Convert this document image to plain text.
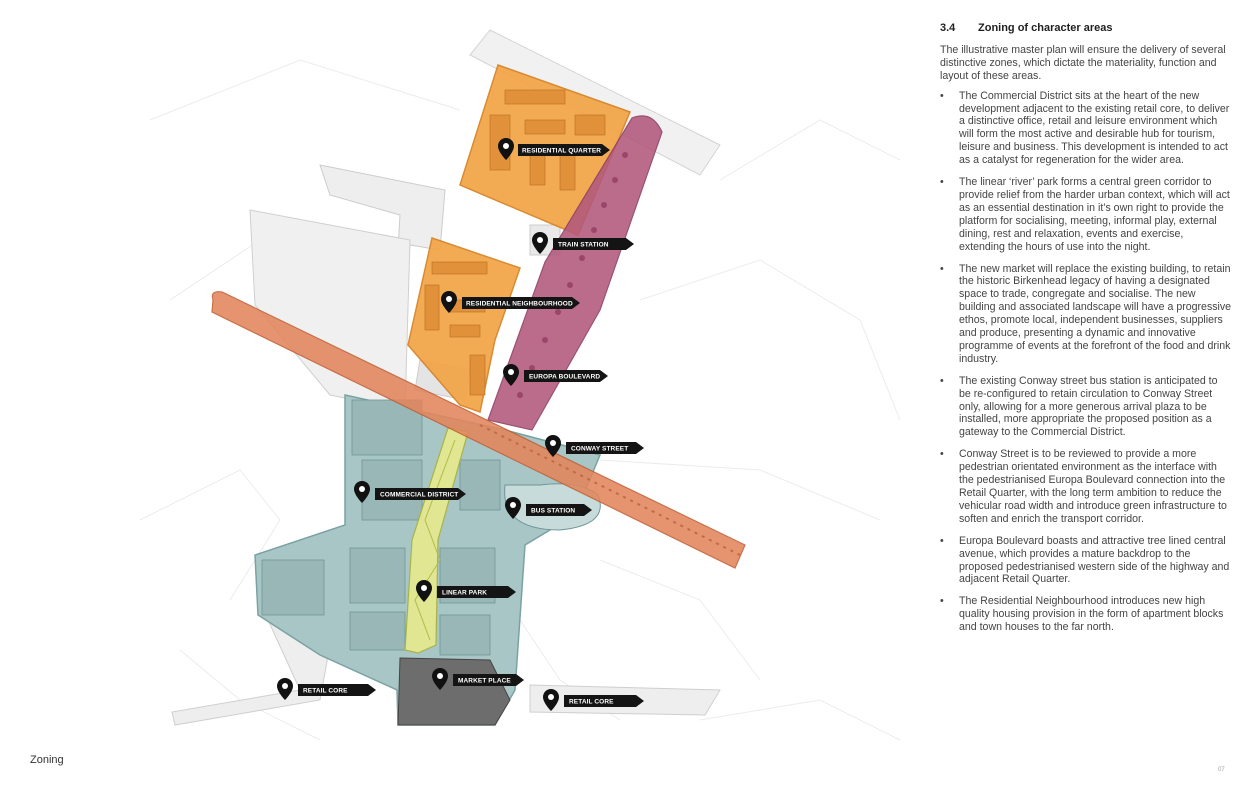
RESIDENTIAL QUARTER
TRAIN STATION
RESIDENTIAL NEIGHBOURHOOD
EUROPA BOULEVARD
CONWAY STREET
COMMERCIAL DISTRICT
BUS STATION
LINEAR PARK
MARKET PLACE
RETAIL CORE
RETAIL CORE
3.4	Zoning of character areas

The illustrative master plan will ensure the delivery of several distinctive zones, which dictate the materiality, function and layout of these areas.

• The Commercial District sits at the heart of the new development adjacent to the existing retail core, to deliver a distinctive office, retail and leisure environment which will form the most active and desirable hub for tourism, leisure and business. This development is intended to act as a catalyst for regeneration for the wider area.
• The linear ‘river’ park forms a central green corridor to provide relief from the harder urban context, which will act as an essential destination in it’s own right to provide the platform for socialising, meeting, informal play, external dining, rest and relaxation, events and exercise, extending the hours of use into the night.
• The new market will replace the existing building, to retain the historic Birkenhead legacy of having a designated space to trade, congregate and socialise. The new building and associated landscape will have a progressive ethos, promote local, independent businesses, suppliers and produce, presenting a dynamic and innovative programme of events at the forefront of the food and drink industry.
• The existing Conway street bus station is anticipated to be re-configured to retain circulation to Conway Street only, allowing for a more generous arrival plaza to be installed, more appropriate the proposed position as a gateway to the Commercial District.
• Conway Street is to be reviewed to provide a more pedestrian orientated environment as the interface with the pedestrianised Europa Boulevard connection into the Retail Quarter, with the long term ambition to reduce the vehicular road width and introduce green infrastructure to soften and enrich the transport corridor.
• Europa Boulevard boasts and attractive tree lined central avenue, which provides a mature backdrop to the proposed pedestrianised western side of the highway and adjacent Retail Quarter.
• The Residential Neighbourhood introduces new high quality housing provision in the form of apartment blocks and town houses to the far north.
Zoning
07
